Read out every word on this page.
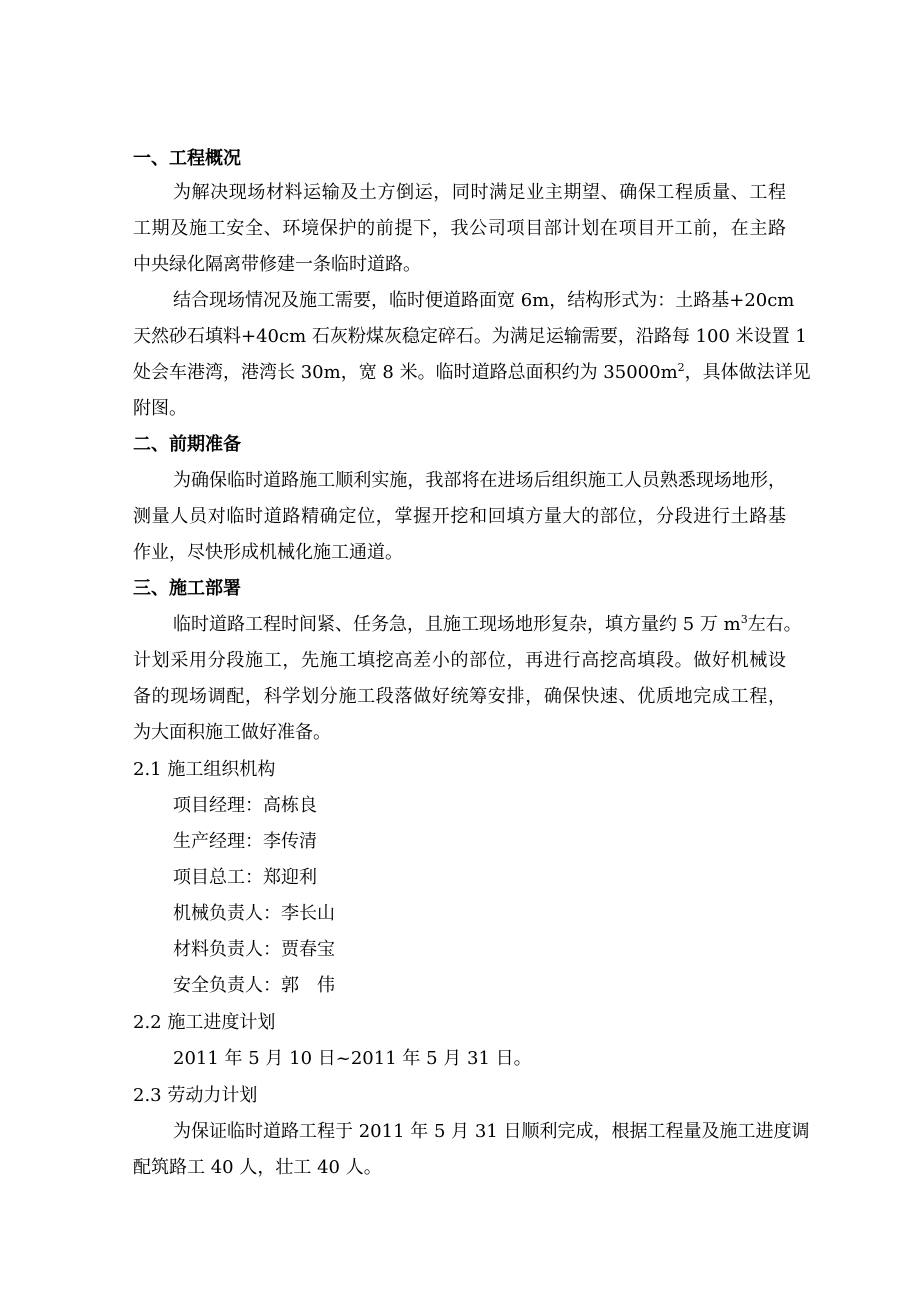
一、工程概况
为解决现场材料运输及土方倒运，同时满足业主期望、确保工程质量、工程
工期及施工安全、环境保护的前提下，我公司项目部计划在项目开工前，在主路
中央绿化隔离带修建一条临时道路。
结合现场情况及施工需要，临时便道路面宽 6m，结构形式为：土路基+20cm
天然砂石填料+40cm 石灰粉煤灰稳定碎石。为满足运输需要，沿路每 100 米设置 1
处会车港湾，港湾长 30m，宽 8 米。临时道路总面积约为 $35000m^2$，具体做法详见
附图。
二、前期准备
为确保临时道路施工顺利实施，我部将在进场后组织施工人员熟悉现场地形，
测量人员对临时道路精确定位，掌握开挖和回填方量大的部位，分段进行土路基
作业，尽快形成机械化施工通道。
三、施工部署
临时道路工程时间紧、任务急，且施工现场地形复杂，填方量约 5 万 $m^3$左右。
计划采用分段施工，先施工填挖高差小的部位，再进行高挖高填段。做好机械设
备的现场调配，科学划分施工段落做好统筹安排，确保快速、优质地完成工程，
为大面积施工做好准备。
2.1 施工组织机构
项目经理：高栋良
生产经理：李传清
项目总工：郑迎利
机械负责人：李长山
材料负责人：贾春宝
安全负责人：郭　伟
2.2 施工进度计划
2011 年 5 月 10 日~2011 年 5 月 31 日。
2.3 劳动力计划
为保证临时道路工程于 2011 年 5 月 31 日顺利完成，根据工程量及施工进度调
配筑路工 40 人，壮工 40 人。
